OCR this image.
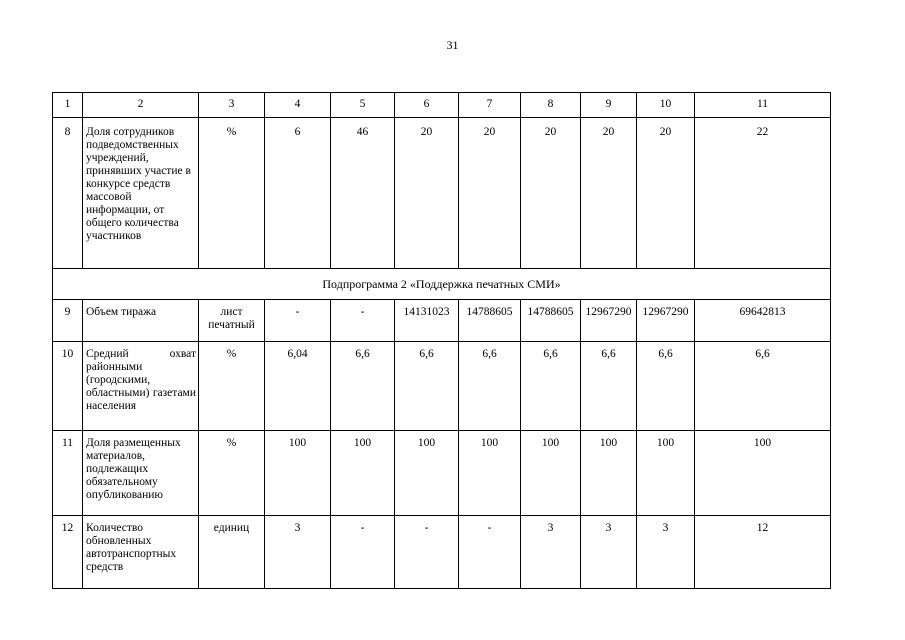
31
1	2	3	4	5	6	7	8	9	10	11
8	Доля сотрудников подведомственных учреждений, принявших участие в конкурсе средств массовой информации, от общего количества участников	%	6	46	20	20	20	20	20	22
Подпрограмма 2 «Поддержка печатных СМИ»										
9	Объем тиража	лист печатный	-	-	14131023	14788605	14788605	12967290	12967290	69642813
10	Средний охват районными (городскими, областными) газетами населения	%	6,04	6,6	6,6	6,6	6,6	6,6	6,6	6,6
11	Доля размещенных материалов, подлежащих обязательному опубликованию	%	100	100	100	100	100	100	100	100
12	Количество обновленных автотранспортных средств	единиц	3	-	-	-	3	3	3	12
